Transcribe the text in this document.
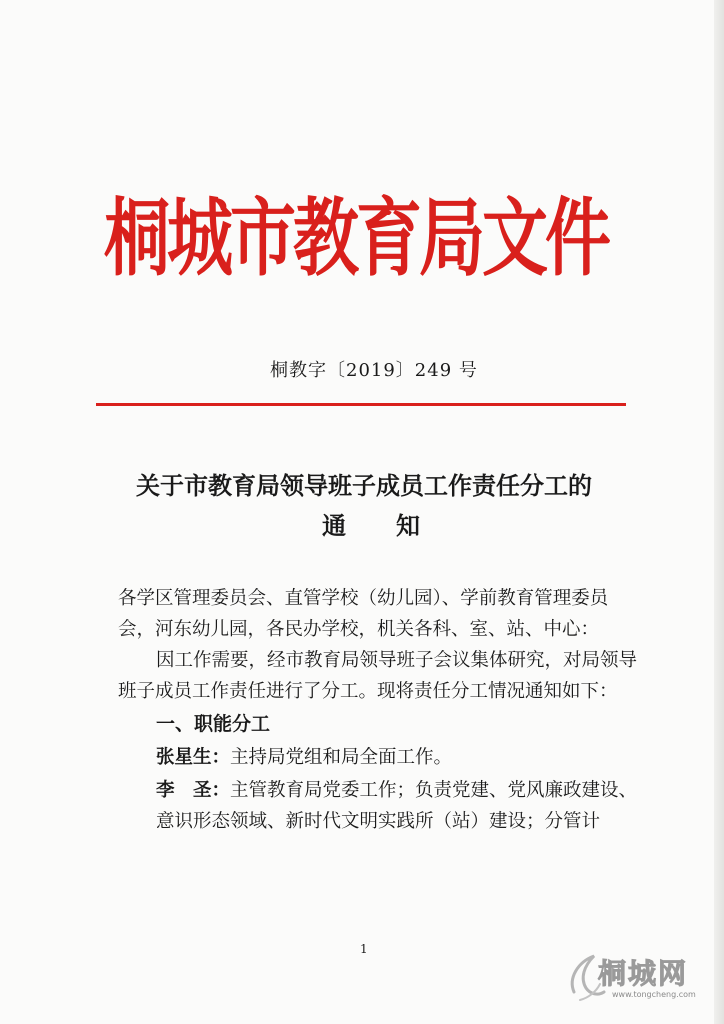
桐城市教育局文件
桐教字〔2019〕249 号
关于市教育局领导班子成员工作责任分工的
通知

各学区管理委员会、直管学校（幼儿园）、学前教育管理委员会，河东幼儿园，各民办学校，机关各科、室、站、中心：

因工作需要，经市教育局领导班子会议集体研究，对局领导班子成员工作责任进行了分工。现将责任分工情况通知如下：

一、职能分工

张星生：主持局党组和局全面工作。

李　圣：主管教育局党委工作；负责党建、党风廉政建设、意识形态领域、新时代文明实践所（站）建设；分管计

1
桐城网
www.tongcheng.com
